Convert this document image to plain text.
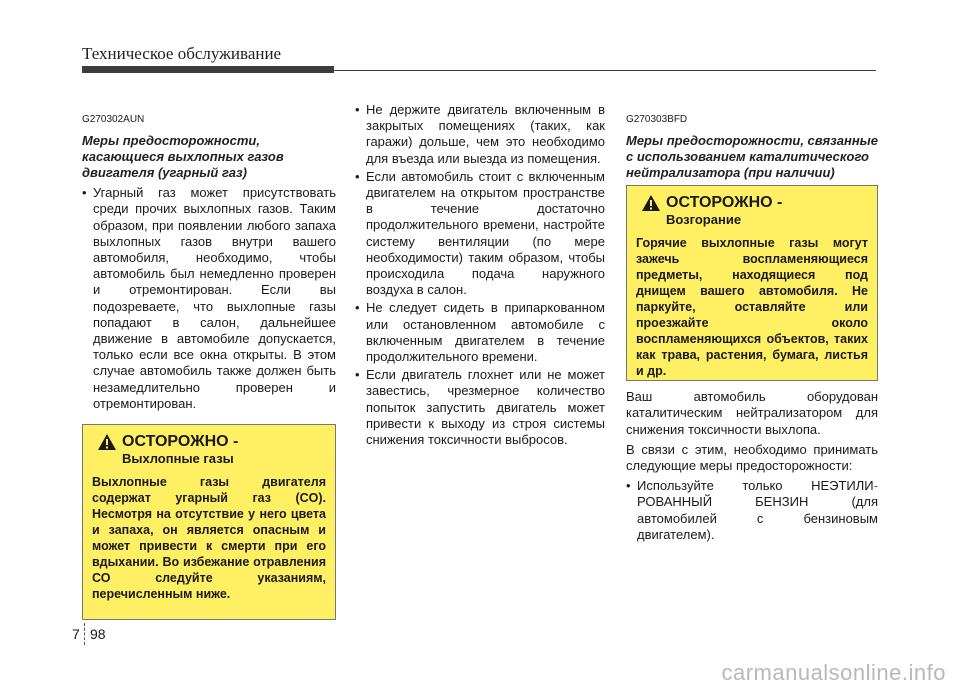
Техническое обслуживание
G270302AUN
Меры предосторожности, касающиеся выхлопных газов двигателя (угарный газ)
• Угарный газ может присутствовать среди прочих выхлопных газов. Таким образом, при появлении любого запаха выхлопных газов внутри вашего автомобиля, необходимо, чтобы автомобиль был немедленно проверен и отремонтирован. Если вы подозреваете, что выхлопные газы попадают в салон, дальнейшее движение в автомобиле допускается, только если все окна открыты. В этом случае автомобиль также должен быть незамедлительно проверен и отремонтирован.
ОСТОРОЖНО -
Выхлопные газы
Выхлопные газы двигателя содержат угарный газ (CO). Несмотря на отсутствие у него цвета и запаха, он является опасным и может привести к смерти при его вдыхании. Во избежание отравления СО следуйте указаниям, перечисленным ниже.
• Не держите двигатель включенным в закрытых помещениях (таких, как гаражи) дольше, чем это необходимо для въезда или выезда из помещения.
• Если автомобиль стоит с включенным двигателем на открытом пространстве в течение достаточно продолжительного времени, настройте систему вентиляции (по мере необходимости) таким образом, чтобы происходила подача наружного воздуха в салон.
• Не следует сидеть в припаркованном или остановленном автомобиле с включенным двигателем в течение продолжительного времени.
• Если двигатель глохнет или не может завестись, чрезмерное количество попыток запустить двигатель может привести к выходу из строя системы снижения токсичности выбросов.
G270303BFD
Меры предосторожности, связанные с использованием каталитического нейтрализатора (при наличии)
ОСТОРОЖНО -
Возгорание
Горячие выхлопные газы могут зажечь воспламеняющиеся предметы, находящиеся под днищем вашего автомобиля. Не паркуйте, оставляйте или проезжайте около воспламеняющихся объектов, таких как трава, растения, бумага, листья и др.
Ваш автомобиль оборудован каталитическим нейтрализатором для снижения токсичности выхлопа.
В связи с этим, необходимо принимать следующие меры предосторожности:
• Используйте только НЕЭТИЛИ- РОВАННЫЙ БЕНЗИН (для автомобилей с бензиновым двигателем).
7 98
carmanualsonline.info
